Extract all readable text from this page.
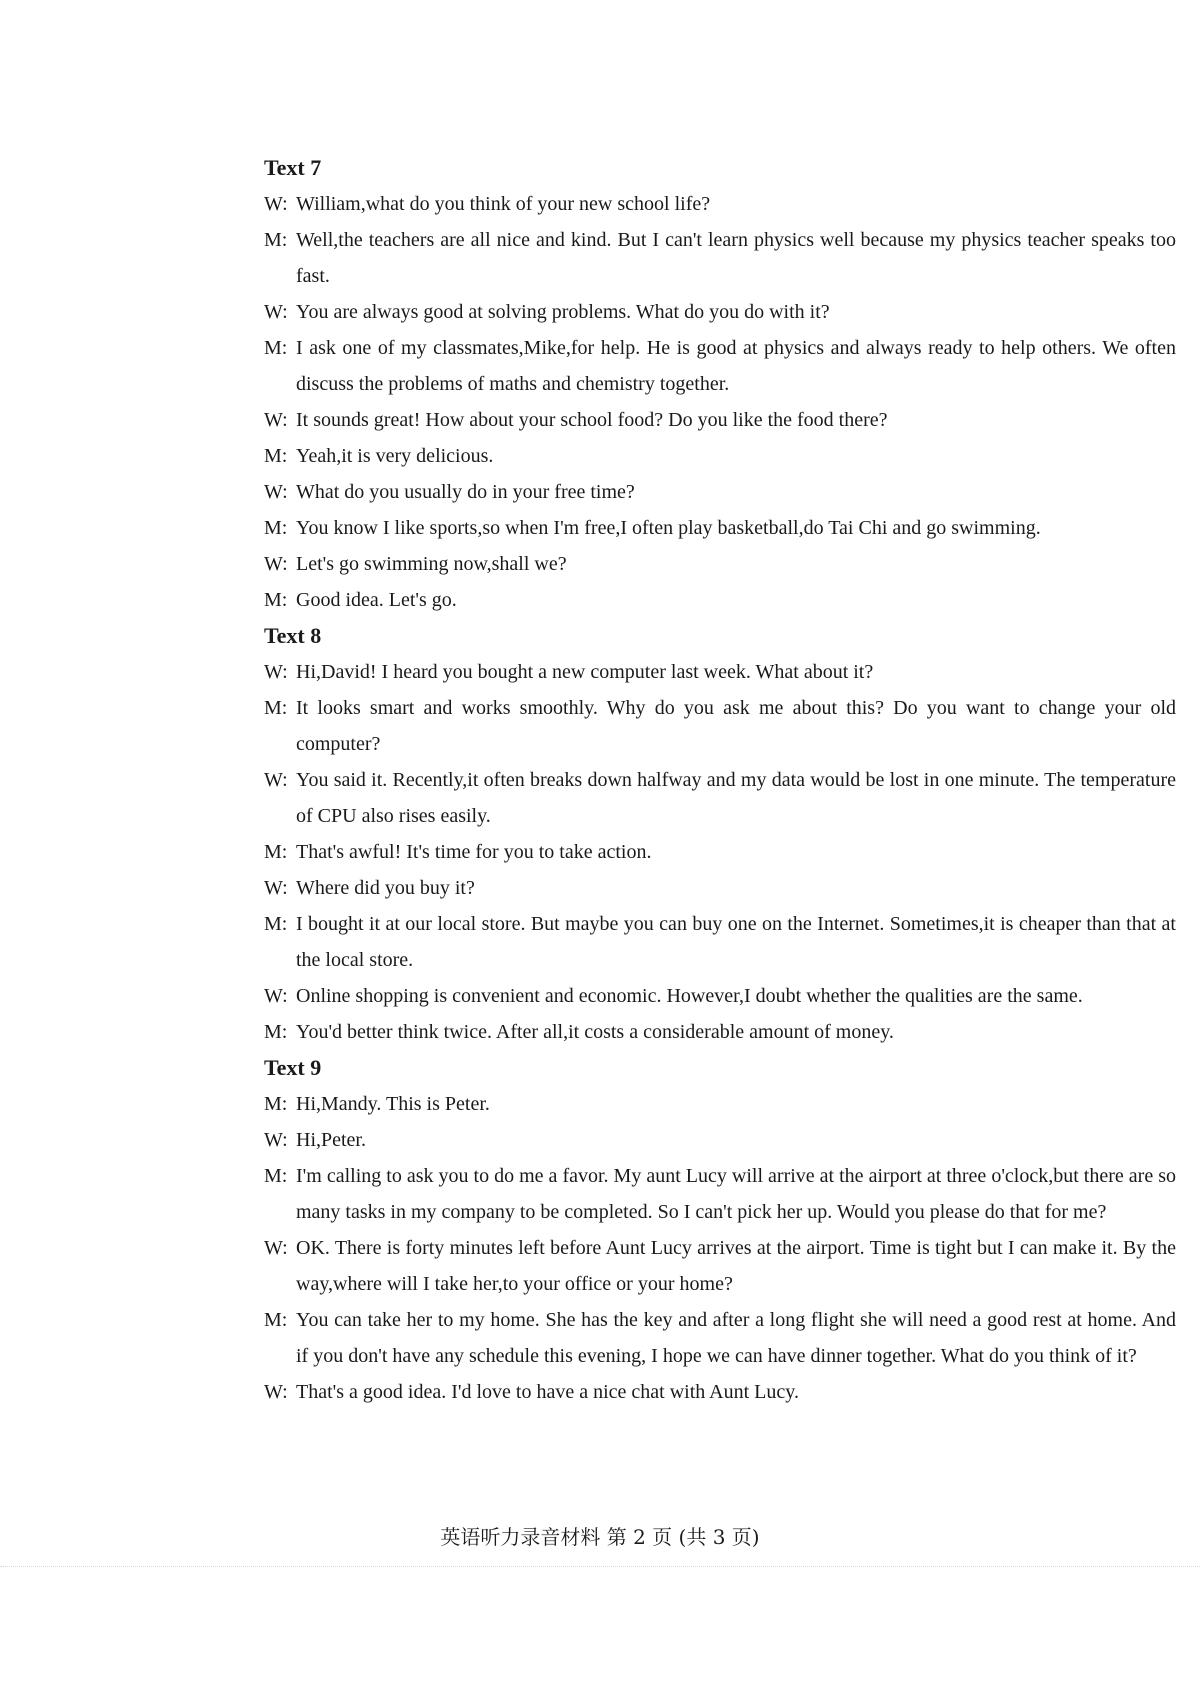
Text 7
W: William,what do you think of your new school life?
M: Well,the teachers are all nice and kind. But I can't learn physics well because my physics teacher speaks too fast.
W: You are always good at solving problems. What do you do with it?
M: I ask one of my classmates,Mike,for help. He is good at physics and always ready to help others. We often discuss the problems of maths and chemistry together.
W: It sounds great! How about your school food? Do you like the food there?
M: Yeah,it is very delicious.
W: What do you usually do in your free time?
M: You know I like sports,so when I'm free,I often play basketball,do Tai Chi and go swimming.
W: Let's go swimming now,shall we?
M: Good idea. Let's go.
Text 8
W: Hi,David! I heard you bought a new computer last week. What about it?
M: It looks smart and works smoothly. Why do you ask me about this? Do you want to change your old computer?
W: You said it. Recently,it often breaks down halfway and my data would be lost in one minute. The temperature of CPU also rises easily.
M: That's awful! It's time for you to take action.
W: Where did you buy it?
M: I bought it at our local store. But maybe you can buy one on the Internet. Sometimes,it is cheaper than that at the local store.
W: Online shopping is convenient and economic. However,I doubt whether the qualities are the same.
M: You'd better think twice. After all,it costs a considerable amount of money.
Text 9
M: Hi,Mandy. This is Peter.
W: Hi,Peter.
M: I'm calling to ask you to do me a favor. My aunt Lucy will arrive at the airport at three o'clock,but there are so many tasks in my company to be completed. So I can't pick her up. Would you please do that for me?
W: OK. There is forty minutes left before Aunt Lucy arrives at the airport. Time is tight but I can make it. By the way,where will I take her,to your office or your home?
M: You can take her to my home. She has the key and after a long flight she will need a good rest at home. And if you don't have any schedule this evening, I hope we can have dinner together. What do you think of it?
W: That's a good idea. I'd love to have a nice chat with Aunt Lucy.
英语听力录音材料 第 2 页 (共 3 页)
